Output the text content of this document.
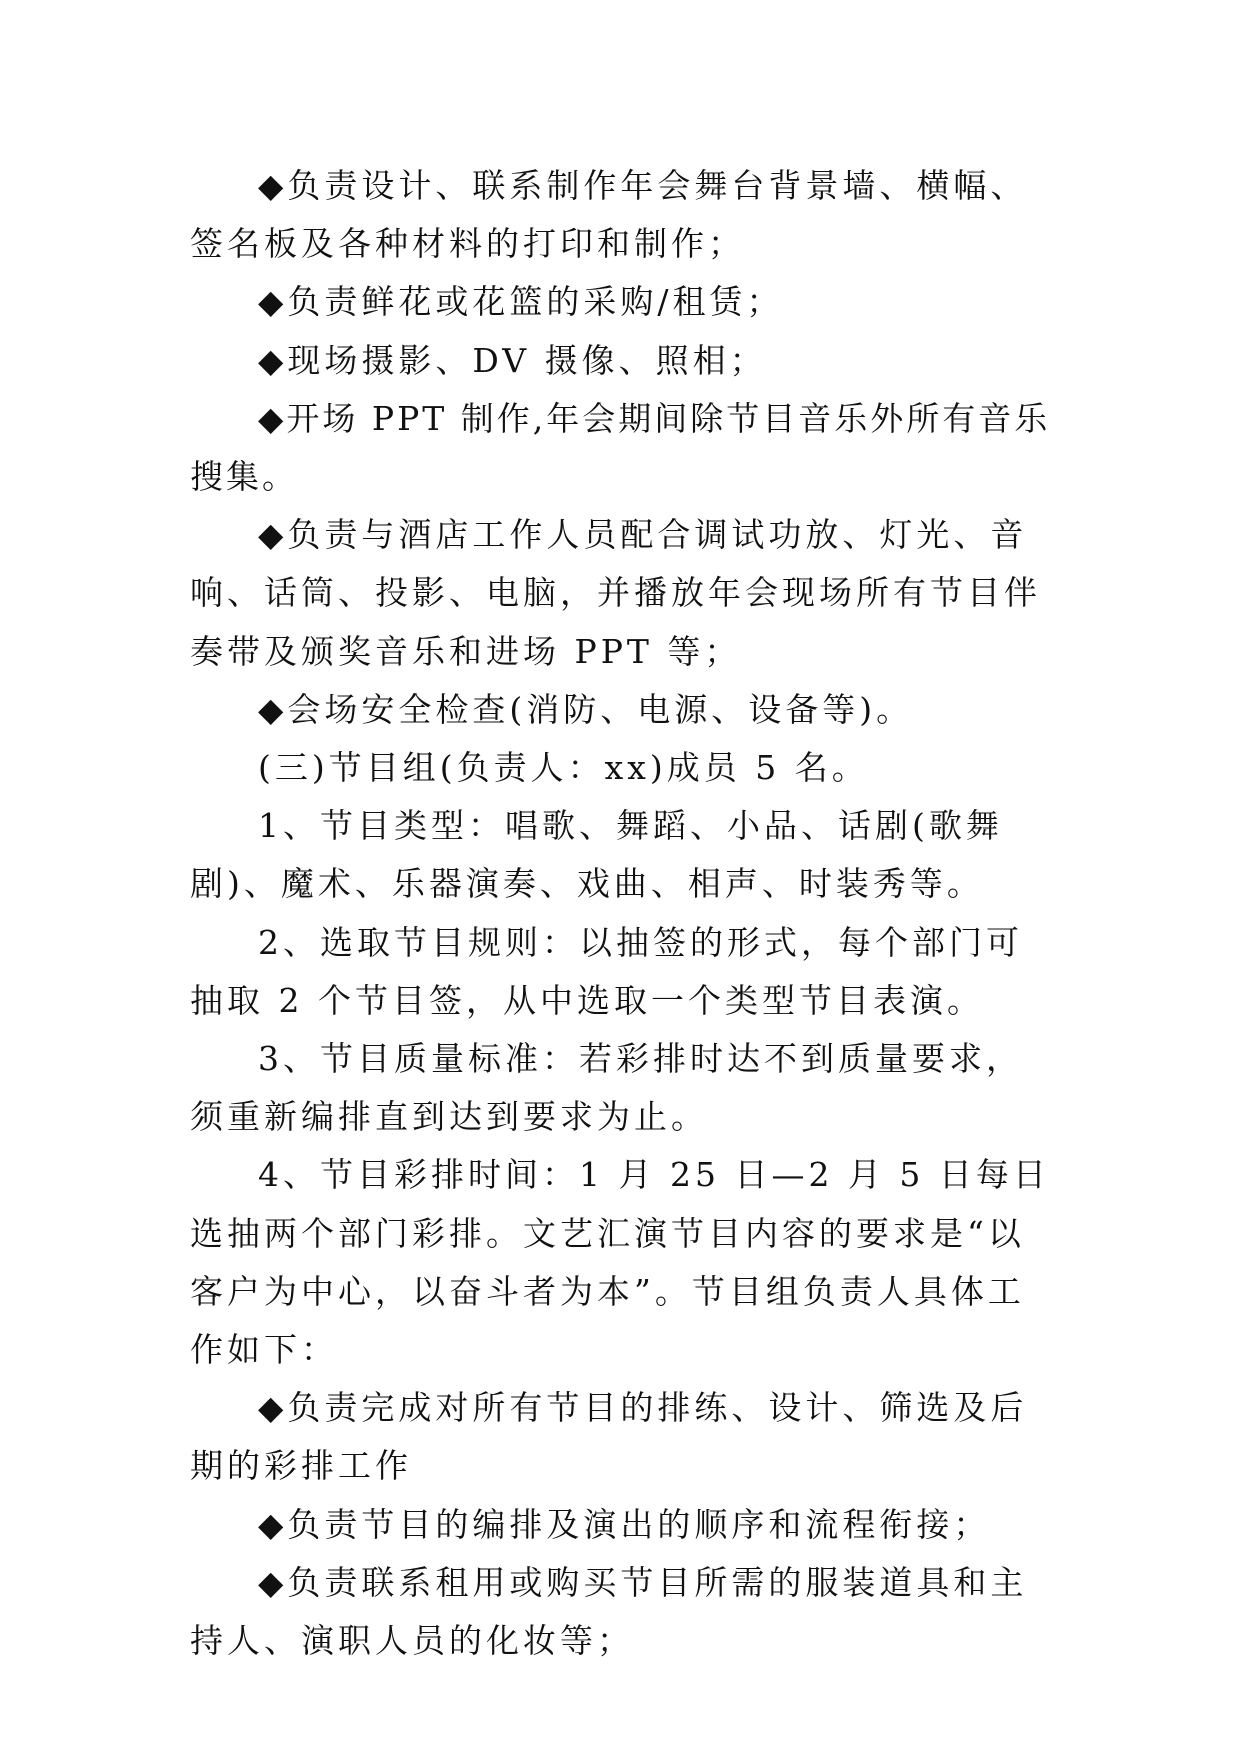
◆负责设计、联系制作年会舞台背景墙、横幅、签名板及各种材料的打印和制作；

◆负责鲜花或花篮的采购/租赁；

◆现场摄影、DV 摄像、照相；

◆开场 PPT 制作,年会期间除节目音乐外所有音乐搜集。

◆负责与酒店工作人员配合调试功放、灯光、音响、话筒、投影、电脑，并播放年会现场所有节目伴奏带及颁奖音乐和进场 PPT 等；

◆会场安全检查(消防、电源、设备等)。

(三)节目组(负责人：xx)成员 5 名。

1、节目类型：唱歌、舞蹈、小品、话剧(歌舞剧)、魔术、乐器演奏、戏曲、相声、时装秀等。

2、选取节目规则：以抽签的形式，每个部门可抽取 2 个节目签，从中选取一个类型节目表演。

3、节目质量标准：若彩排时达不到质量要求，须重新编排直到达到要求为止。

4、节目彩排时间：1 月 25 日—2 月 5 日每日选抽两个部门彩排。文艺汇演节目内容的要求是“以客户为中心，以奋斗者为本”。节目组负责人具体工作如下：

◆负责完成对所有节目的排练、设计、筛选及后期的彩排工作

◆负责节目的编排及演出的顺序和流程衔接；

◆负责联系租用或购买节目所需的服装道具和主持人、演职人员的化妆等；
